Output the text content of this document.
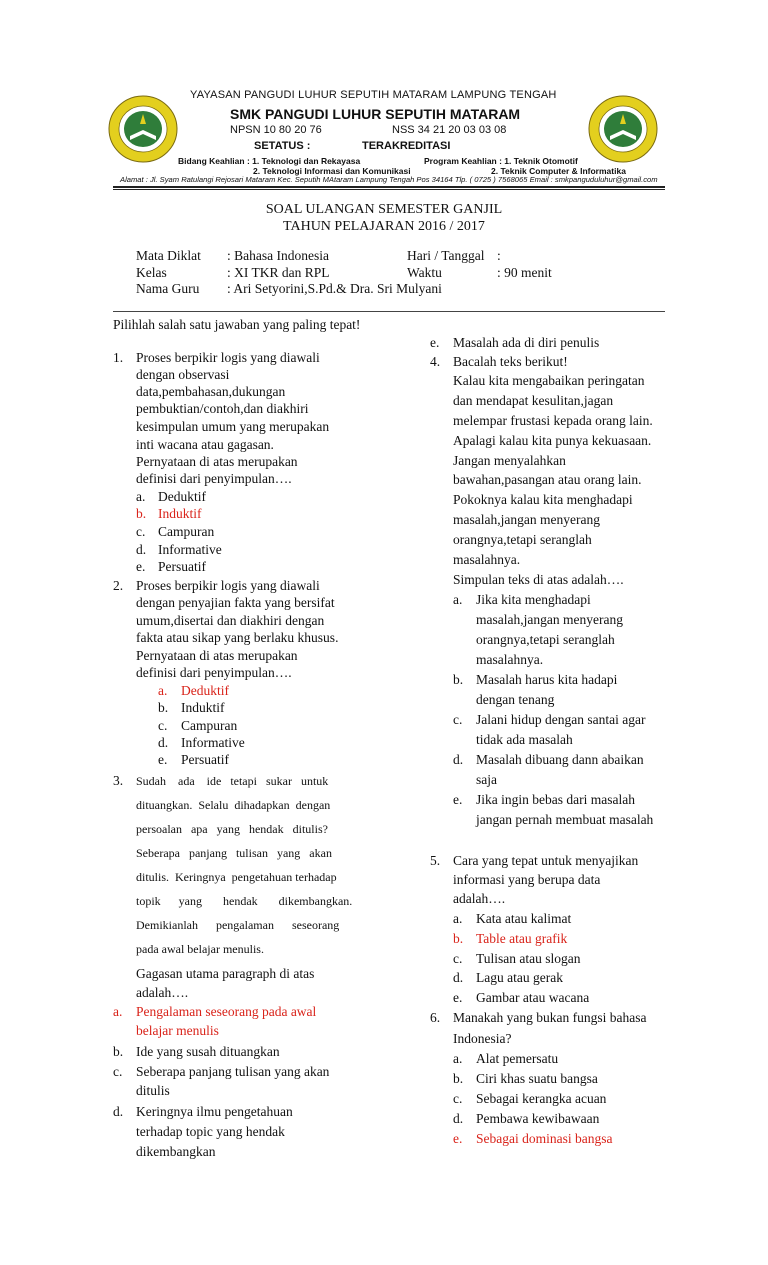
YAYASAN PANGUDI LUHUR SEPUTIH MATARAM LAMPUNG TENGAH
SMK PANGUDI LUHUR SEPUTIH MATARAM
NPSN 10 80 20 76	NSS 34 21 20 03 03 08
SETATUS :	TERAKREDITASI
Bidang Keahlian : 1. Teknologi dan Rekayasa	Program Keahlian : 1. Teknik Otomotif
2. Teknologi Informasi dan Komunikasi	2. Teknik Computer & Informatika
Alamat : Jl. Syam Ratulangi Rejosari Mataram Kec. Seputih MAtaram Lampung Tengah Pos 34164 Tlp. ( 0725 ) 7568065 Email : smkpanguduluhur@gmail.com
SOAL ULANGAN SEMESTER GANJIL
TAHUN PELAJARAN 2016 / 2017
Mata Diklat : Bahasa Indonesia	Hari / Tanggal :
Kelas	: XI TKR dan RPL	Waktu	: 90 menit
Nama Guru : Ari Setyorini,S.Pd.& Dra. Sri Mulyani
Pilihlah salah satu jawaban yang paling tepat!
1. Proses berpikir logis yang diawali
dengan observasi
data,pembahasan,dukungan
pembuktian/contoh,dan diakhiri
kesimpulan umum yang merupakan
inti wacana atau gagasan.
Pernyataan di atas merupakan
definisi dari penyimpulan….
a. Deduktif
b. Induktif
c. Campuran
d. Informative
e. Persuatif
2. Proses berpikir logis yang diawali
dengan penyajian fakta yang bersifat
umum,disertai dan diakhiri dengan
fakta atau sikap yang berlaku khusus.
Pernyataan di atas merupakan
definisi dari penyimpulan….
a. Deduktif
b. Induktif
c. Campuran
d. Informative
e. Persuatif
3. Sudah    ada    ide   tetapi   sukar   untuk
dituangkan.  Selalu  dihadapkan  dengan
persoalan   apa   yang   hendak   ditulis?
Seberapa   panjang   tulisan   yang   akan
ditulis.  Keringnya  pengetahuan terhadap
topik      yang       hendak       dikembangkan.
Demikianlah      pengalaman      seseorang
pada awal belajar menulis.
Gagasan utama paragraph di atas
adalah….
a. Pengalaman seseorang pada awal
belajar menulis
b. Ide yang susah dituangkan
c. Seberapa panjang tulisan yang akan
ditulis
d. Keringnya ilmu pengetahuan
terhadap topic yang hendak
dikembangkan
e. Masalah ada di diri penulis
4. Bacalah teks berikut!
Kalau kita mengabaikan peringatan
dan mendapat kesulitan,jagan
melempar frustasi kepada orang lain.
Apalagi kalau kita punya kekuasaan.
Jangan menyalahkan
bawahan,pasangan atau orang lain.
Pokoknya kalau kita menghadapi
masalah,jangan menyerang
orangnya,tetapi seranglah
masalahnya.
Simpulan teks di atas adalah….
a. Jika kita menghadapi
masalah,jangan menyerang
orangnya,tetapi seranglah
masalahnya.
b. Masalah harus kita hadapi
dengan tenang
c. Jalani hidup dengan santai agar
tidak ada masalah
d. Masalah dibuang dann abaikan
saja
e. Jika ingin bebas dari masalah
jangan pernah membuat masalah
5. Cara yang tepat untuk menyajikan
informasi yang berupa data
adalah….
a. Kata atau kalimat
b. Table atau grafik
c. Tulisan atau slogan
d. Lagu atau gerak
e. Gambar atau wacana
6. Manakah yang bukan fungsi bahasa
Indonesia?
a. Alat pemersatu
b. Ciri khas suatu bangsa
c. Sebagai kerangka acuan
d. Pembawa kewibawaan
e. Sebagai dominasi bangsa
